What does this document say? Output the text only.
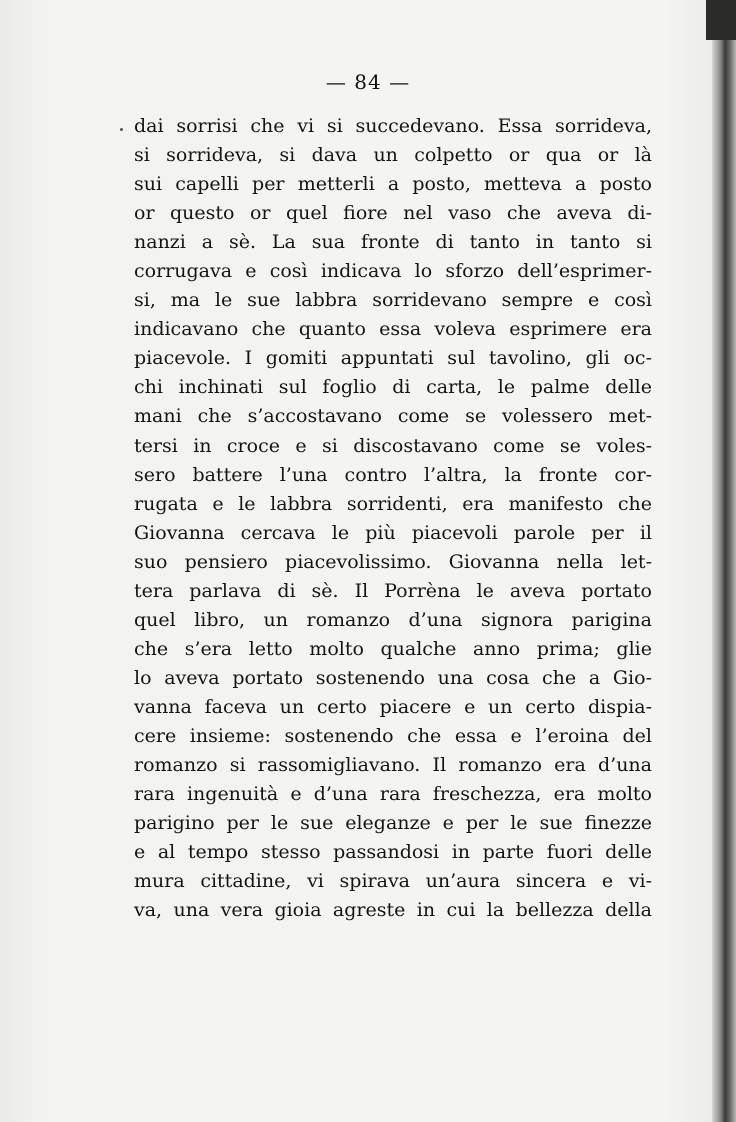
— 84 —
dai sorrisi che vi si succedevano. Essa sorrideva,
si sorrideva, si dava un colpetto or qua or là
sui capelli per metterli a posto, metteva a posto
or questo or quel fiore nel vaso che aveva di-
nanzi a sè. La sua fronte di tanto in tanto si
corrugava e così indicava lo sforzo dell’esprimer-
si, ma le sue labbra sorridevano sempre e così
indicavano che quanto essa voleva esprimere era
piacevole. I gomiti appuntati sul tavolino, gli oc-
chi inchinati sul foglio di carta, le palme delle
mani che s’accostavano come se volessero met-
tersi in croce e si discostavano come se voles-
sero battere l’una contro l’altra, la fronte cor-
rugata e le labbra sorridenti, era manifesto che
Giovanna cercava le più piacevoli parole per il
suo pensiero piacevolissimo. Giovanna nella let-
tera parlava di sè. Il Porrèna le aveva portato
quel libro, un romanzo d’una signora parigina
che s’era letto molto qualche anno prima; glie
lo aveva portato sostenendo una cosa che a Gio-
vanna faceva un certo piacere e un certo dispia-
cere insieme: sostenendo che essa e l’eroina del
romanzo si rassomigliavano. Il romanzo era d’una
rara ingenuità e d’una rara freschezza, era molto
parigino per le sue eleganze e per le sue finezze
e al tempo stesso passandosi in parte fuori delle
mura cittadine, vi spirava un’aura sincera e vi-
va, una vera gioia agreste in cui la bellezza della
